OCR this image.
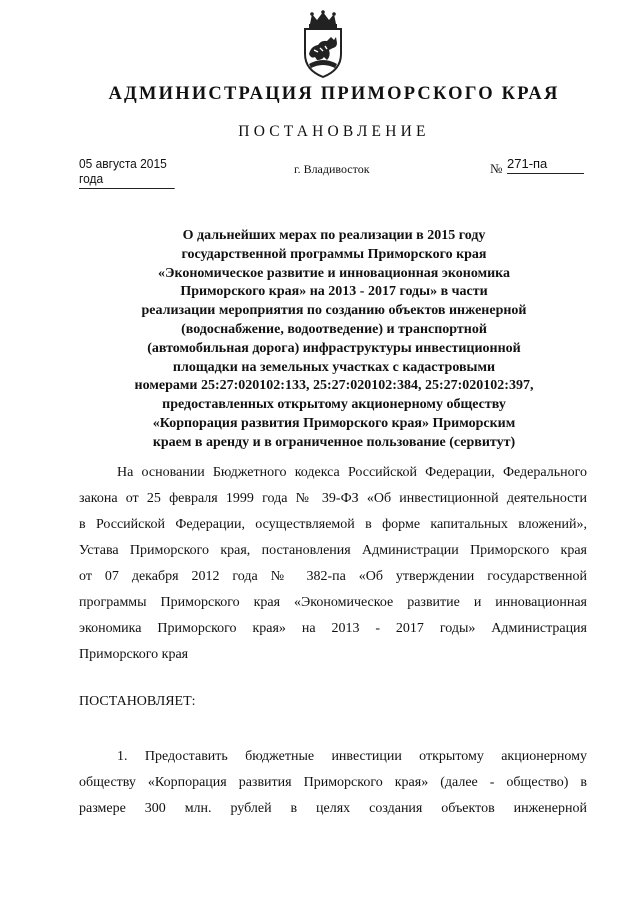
АДМИНИСТРАЦИЯ ПРИМОРСКОГО КРАЯ
ПОСТАНОВЛЕНИЕ
05 августа 2015 года
г. Владивосток	№ 271-па
О дальнейших мерах по реализации в 2015 году
государственной программы Приморского края
«Экономическое развитие и инновационная экономика
Приморского края» на 2013 - 2017 годы» в части
реализации мероприятия по созданию объектов инженерной
(водоснабжение, водоотведение) и транспортной
(автомобильная дорога) инфраструктуры инвестиционной
площадки на земельных участках с кадастровыми
номерами 25:27:020102:133, 25:27:020102:384, 25:27:020102:397,
предоставленных открытому акционерному обществу
«Корпорация развития Приморского края» Приморским
краем в аренду и в ограниченное пользование (сервитут)
На основании Бюджетного кодекса Российской Федерации, Федерального
закона от 25 февраля 1999 года № 39-ФЗ «Об инвестиционной деятельности
в Российской Федерации, осуществляемой в форме капитальных вложений»,
Устава Приморского края, постановления Администрации Приморского края
от 07 декабря 2012 года № 382-па «Об утверждении государственной
программы Приморского края «Экономическое развитие и инновационная
экономика Приморского края» на 2013 - 2017 годы» Администрация
Приморского края
ПОСТАНОВЛЯЕТ:
1. Предоставить бюджетные инвестиции открытому акционерному
обществу «Корпорация развития Приморского края» (далее - общество) в
размере 300 млн. рублей в целях создания объектов инженерной
